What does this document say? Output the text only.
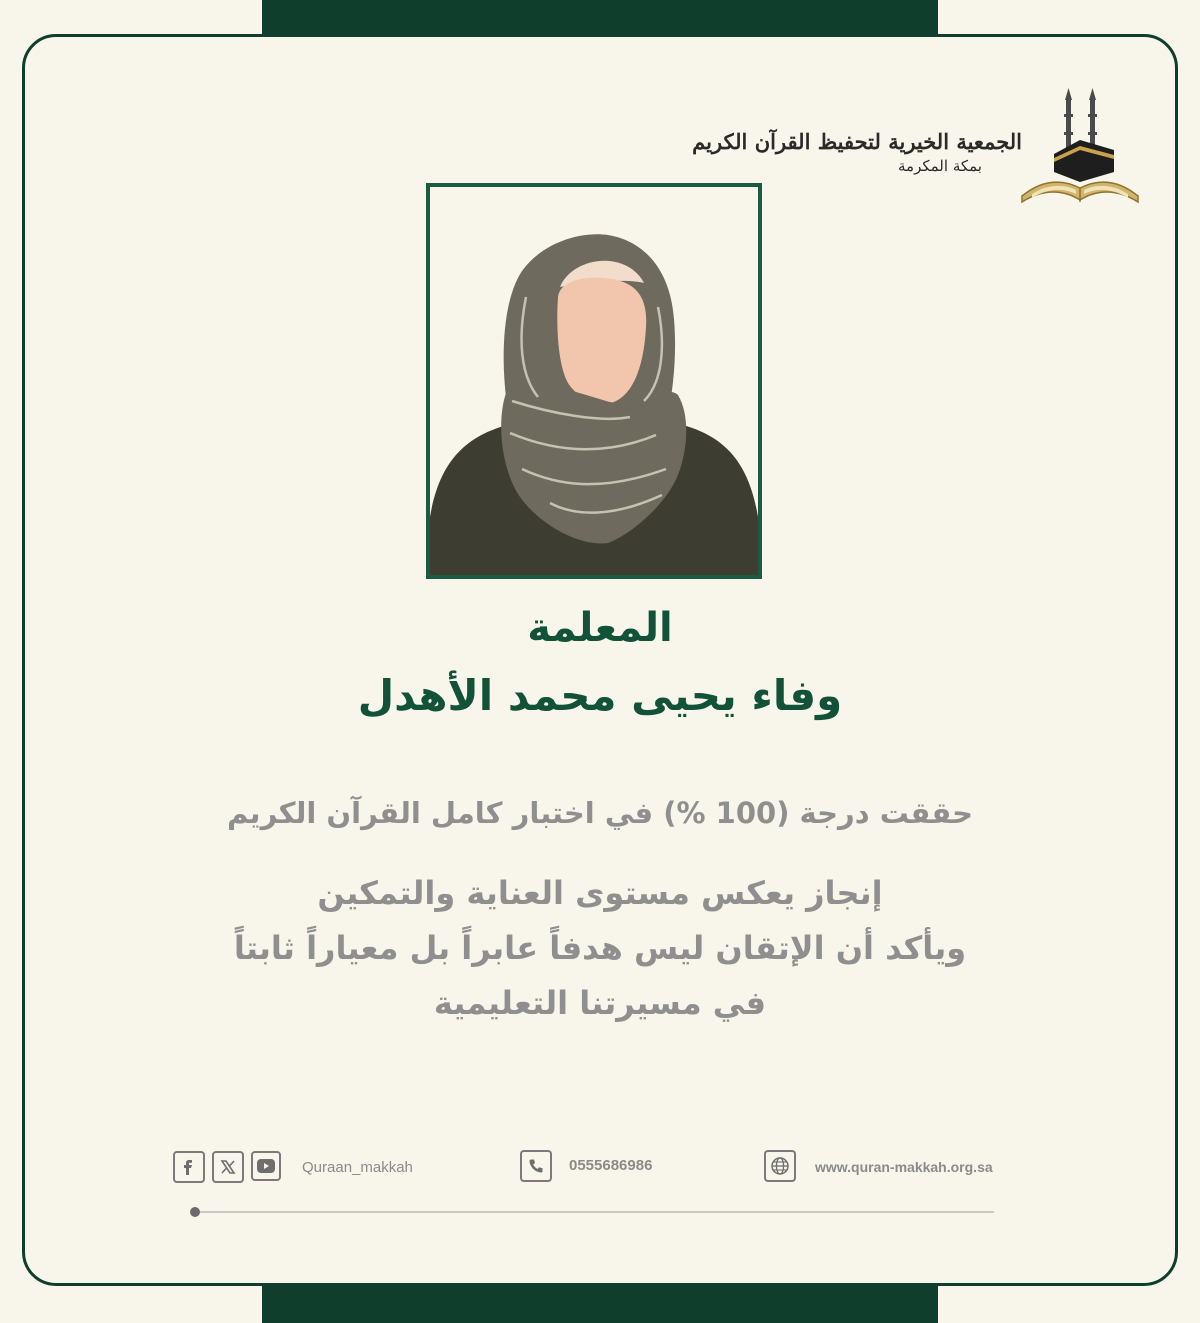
الجمعية الخيرية لتحفيظ القرآن الكريم
بمكة المكرمة
المعلمة
وفاء يحيى محمد الأهدل
حققت درجة (100 %) في اختبار كامل القرآن الكريم
إنجاز يعكس مستوى العناية والتمكين
ويأكد أن الإتقان ليس هدفاً عابراً بل معياراً ثابتاً
في مسيرتنا التعليمية
Quraan_makkah	0555686986	www.quran-makkah.org.sa
